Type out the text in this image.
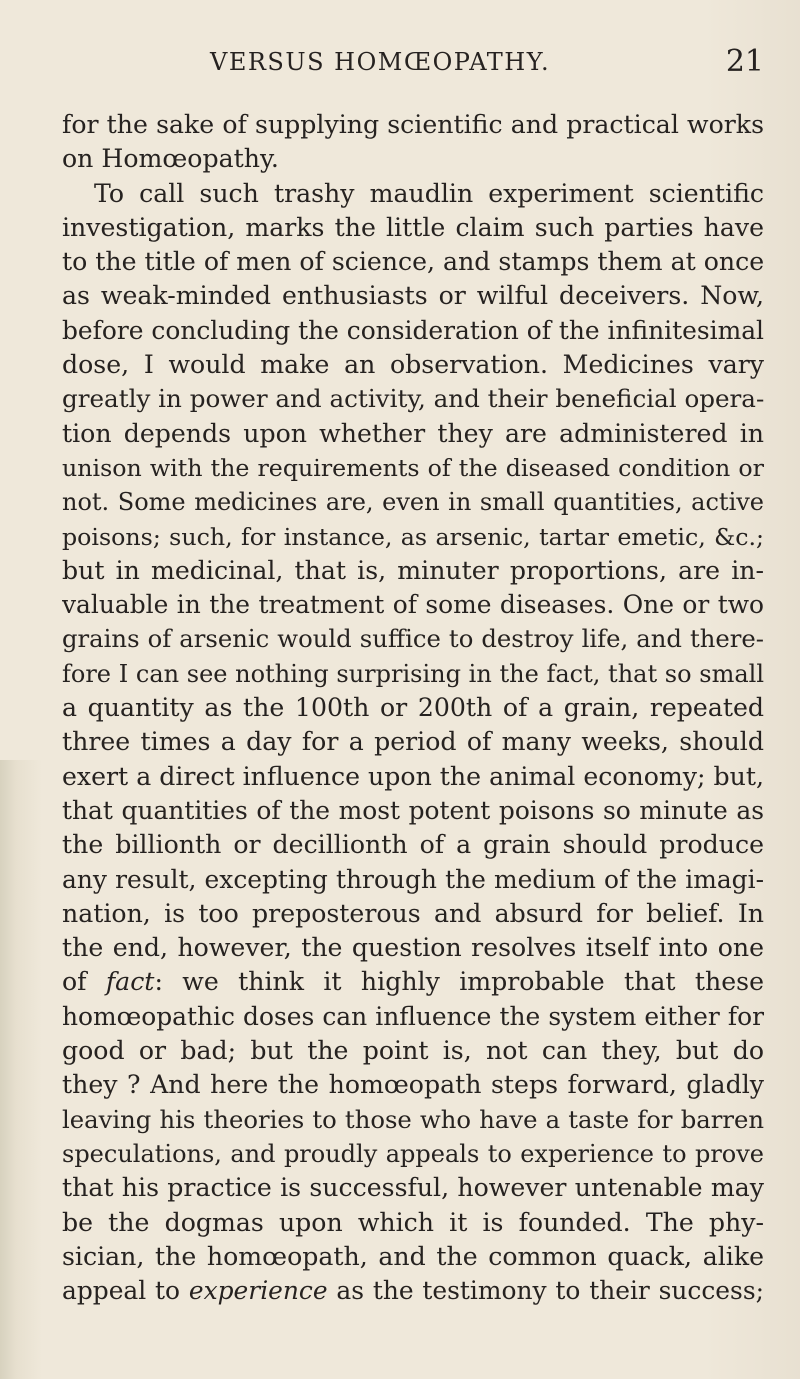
VERSUS HOMŒOPATHY.	21
for the sake of supplying scientific and practical works
on Homœopathy.
To call such trashy maudlin experiment scientific
investigation, marks the little claim such parties have
to the title of men of science, and stamps them at once
as weak-minded enthusiasts or wilful deceivers. Now,
before concluding the consideration of the infinitesimal
dose, I would make an observation. Medicines vary
greatly in power and activity, and their beneficial opera-
tion depends upon whether they are administered in
unison with the requirements of the diseased condition or
not. Some medicines are, even in small quantities, active
poisons; such, for instance, as arsenic, tartar emetic, &c.;
but in medicinal, that is, minuter proportions, are in-
valuable in the treatment of some diseases. One or two
grains of arsenic would suffice to destroy life, and there-
fore I can see nothing surprising in the fact, that so small
a quantity as the 100th or 200th of a grain, repeated
three times a day for a period of many weeks, should
exert a direct influence upon the animal economy; but,
that quantities of the most potent poisons so minute as
the billionth or decillionth of a grain should produce
any result, excepting through the medium of the imagi-
nation, is too preposterous and absurd for belief. In
the end, however, the question resolves itself into one
of fact: we think it highly improbable that these
homœopathic doses can influence the system either for
good or bad; but the point is, not can they, but do
they ? And here the homœopath steps forward, gladly
leaving his theories to those who have a taste for barren
speculations, and proudly appeals to experience to prove
that his practice is successful, however untenable may
be the dogmas upon which it is founded. The phy-
sician, the homœopath, and the common quack, alike
appeal to experience as the testimony to their success;
